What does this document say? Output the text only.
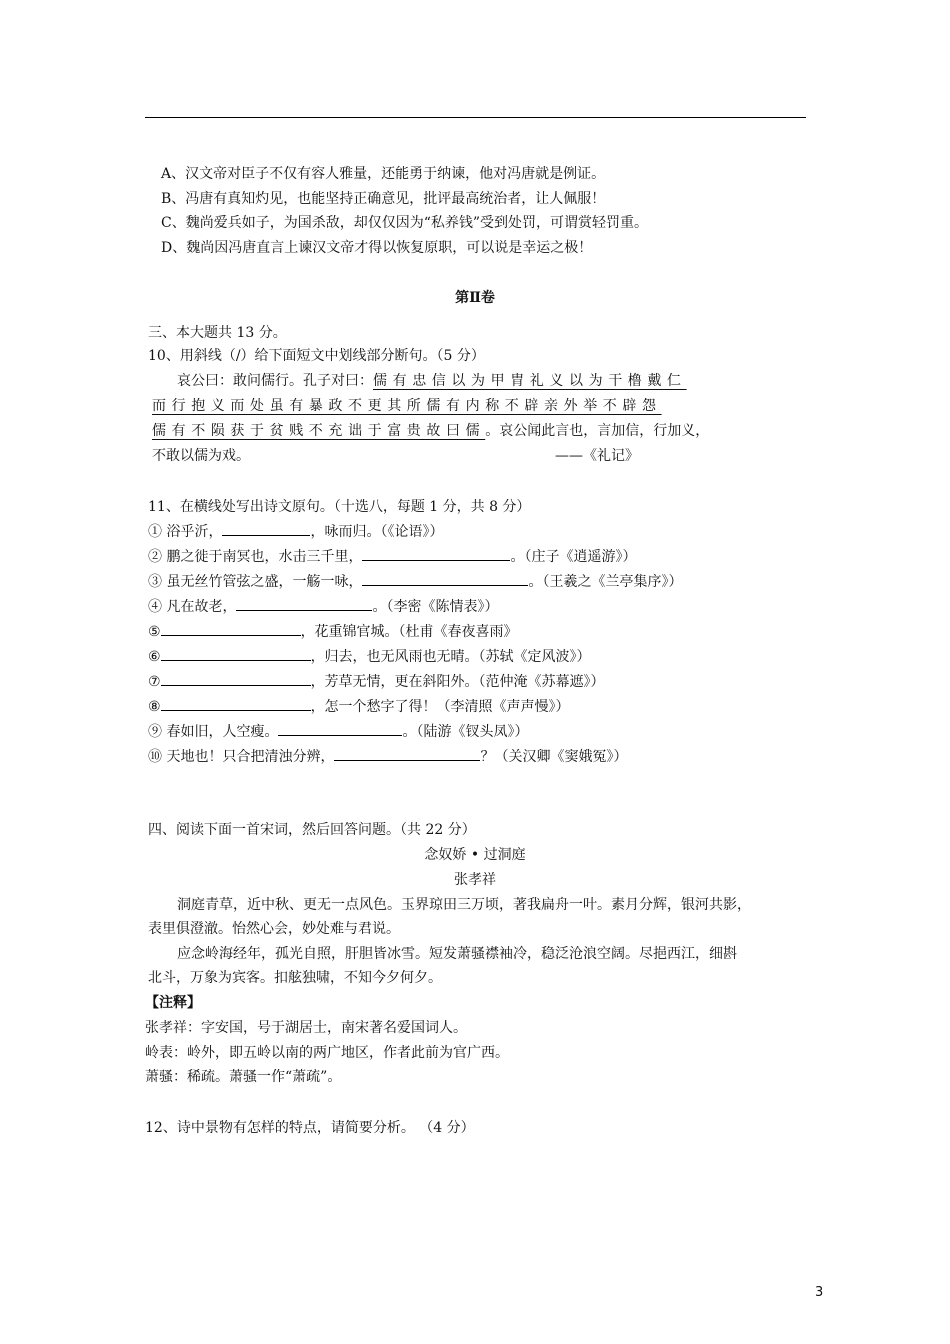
A、汉文帝对臣子不仅有容人雅量，还能勇于纳谏，他对冯唐就是例证。
B、冯唐有真知灼见，也能坚持正确意见，批评最高统治者，让人佩服！
C、魏尚爱兵如子，为国杀敌，却仅仅因为“私养钱”受到处罚，可谓赏轻罚重。
D、魏尚因冯唐直言上谏汉文帝才得以恢复原职，可以说是幸运之极！
第Ⅱ卷
三、本大题共 13 分。
10、用斜线（/）给下面短文中划线部分断句。（5 分）
哀公曰：敢问儒行。孔子对曰：儒有忠信以为甲胄礼义以为干橹戴仁
而行抱义而处虽有暴政不更其所儒有内称不辟亲外举不辟怨
儒有不陨获于贫贱不充诎于富贵故曰儒。哀公闻此言也，言加信，行加义，
不敢以儒为戏。	——《礼记》
11、在横线处写出诗文原句。（十选八，每题 1 分，共 8 分）
① 浴乎沂，	，咏而归。（《论语》）
② 鹏之徙于南冥也，水击三千里，	。（庄子《逍遥游》）
③ 虽无丝竹管弦之盛，一觞一咏，	。（王羲之《兰亭集序》）
④ 凡在故老，	。（李密《陈情表》）
⑤	，花重锦官城。（杜甫《春夜喜雨》
⑥	，归去，也无风雨也无晴。（苏轼《定风波》）
⑦	，芳草无情，更在斜阳外。（范仲淹《苏幕遮》）
⑧	，怎一个愁字了得！（李清照《声声慢》）
⑨ 春如旧，人空瘦。	。（陆游《钗头凤》）
⑩ 天地也！只合把清浊分辨，	？（关汉卿《窦娥冤》）
四、阅读下面一首宋词，然后回答问题。（共 22 分）
念奴娇 • 过洞庭
张孝祥
洞庭青草，近中秋、更无一点风色。玉界琼田三万顷，著我扁舟一叶。素月分辉，银河共影，
表里俱澄澈。怡然心会，妙处难与君说。
应念岭海经年，孤光自照，肝胆皆冰雪。短发萧骚襟袖冷，稳泛沧浪空阔。尽挹西江，细斟
北斗，万象为宾客。扣舷独啸，不知今夕何夕。
【注释】
张孝祥：字安国，号于湖居士，南宋著名爱国词人。
岭表：岭外，即五岭以南的两广地区，作者此前为官广西。
萧骚：稀疏。萧骚一作“萧疏”。
12、诗中景物有怎样的特点，请简要分析。 （4 分）
3
